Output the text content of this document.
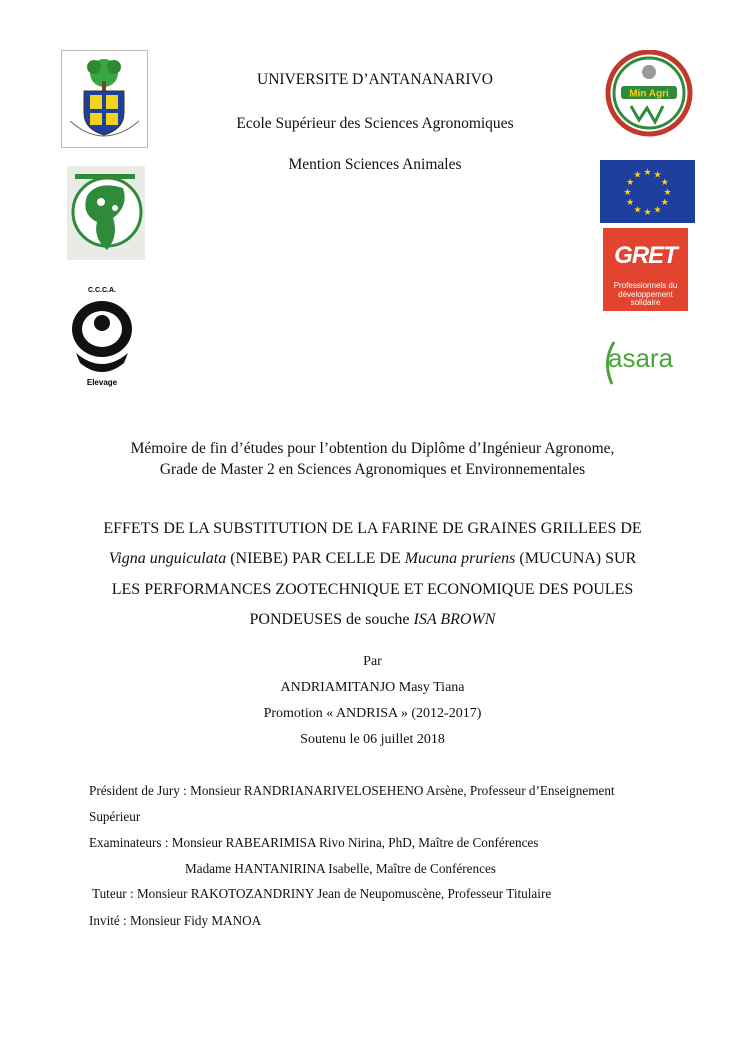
C.C.C.A.
Elevage
Min Agri
★ ★
★
★
★
★
★
★
★
★
★
★
GRET
Professionnels du
développement
solidaire
asara
UNIVERSITE D’ANTANANARIVO
Ecole Supérieur des Sciences Agronomiques
Mention Sciences Animales
Mémoire de fin d’études pour l’obtention du Diplôme d’Ingénieur Agronome,
Grade de Master 2 en Sciences Agronomiques et Environnementales
EFFETS DE LA SUBSTITUTION DE LA FARINE DE GRAINES GRILLEES DE
Vigna unguiculata (NIEBE) PAR CELLE DE Mucuna pruriens (MUCUNA) SUR
LES PERFORMANCES ZOOTECHNIQUE ET ECONOMIQUE DES POULES
PONDEUSES de souche ISA BROWN
Par
ANDRIAMITANJO Masy Tiana
Promotion « ANDRISA » (2012-2017)
Soutenu le 06 juillet 2018
Président de Jury : Monsieur RANDRIANARIVELOSEHENO Arsène, Professeur d’Enseignement
Supérieur
Examinateurs : Monsieur RABEARIMISA Rivo Nirina, PhD, Maître de Conférences
Madame HANTANIRINA Isabelle, Maître de Conférences
Tuteur : Monsieur RAKOTOZANDRINY Jean de Neupomuscène, Professeur Titulaire
Invité : Monsieur Fidy MANOA
